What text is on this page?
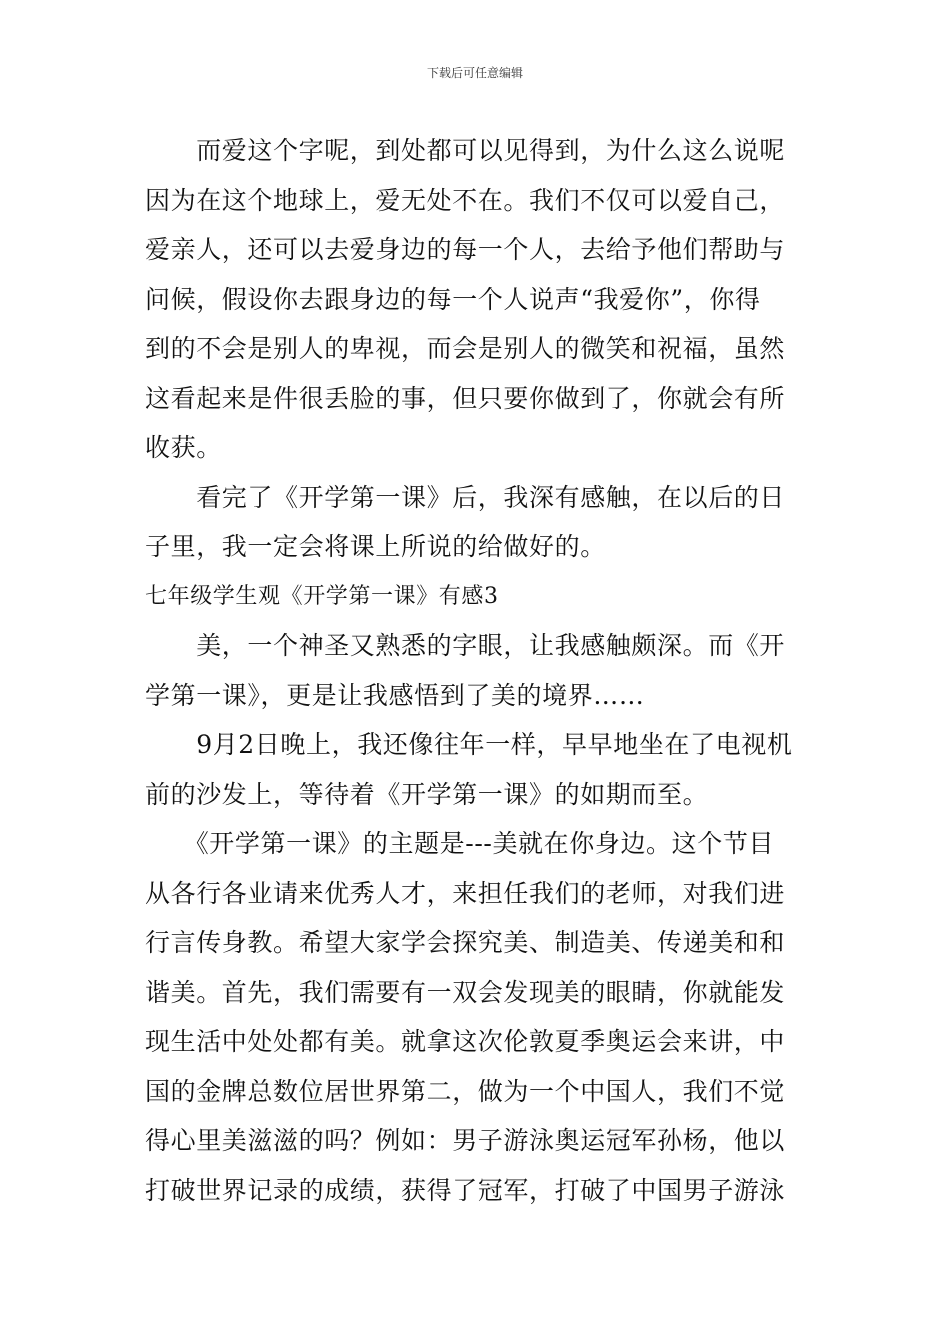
下载后可任意编辑
　　而爱这个字呢，到处都可以见得到，为什么这么说呢
因为在这个地球上，爱无处不在。我们不仅可以爱自己，
爱亲人，还可以去爱身边的每一个人，去给予他们帮助与
问候，假设你去跟身边的每一个人说声“我爱你”，你得
到的不会是别人的卑视，而会是别人的微笑和祝福，虽然
这看起来是件很丢脸的事，但只要你做到了，你就会有所
收获。
　　看完了《开学第一课》后，我深有感触，在以后的日
子里，我一定会将课上所说的给做好的。
七年级学生观《开学第一课》有感3
　　美，一个神圣又熟悉的字眼，让我感触颇深。而《开
学第一课》，更是让我感悟到了美的境界……
　　9月2日晚上，我还像往年一样，早早地坐在了电视机
前的沙发上，等待着《开学第一课》的如期而至。
　　《开学第一课》的主题是---美就在你身边。这个节目
从各行各业请来优秀人才，来担任我们的老师，对我们进
行言传身教。希望大家学会探究美、制造美、传递美和和
谐美。首先，我们需要有一双会发现美的眼睛，你就能发
现生活中处处都有美。就拿这次伦敦夏季奥运会来讲，中
国的金牌总数位居世界第二，做为一个中国人，我们不觉
得心里美滋滋的吗？例如：男子游泳奥运冠军孙杨，他以
打破世界记录的成绩，获得了冠军，打破了中国男子游泳
